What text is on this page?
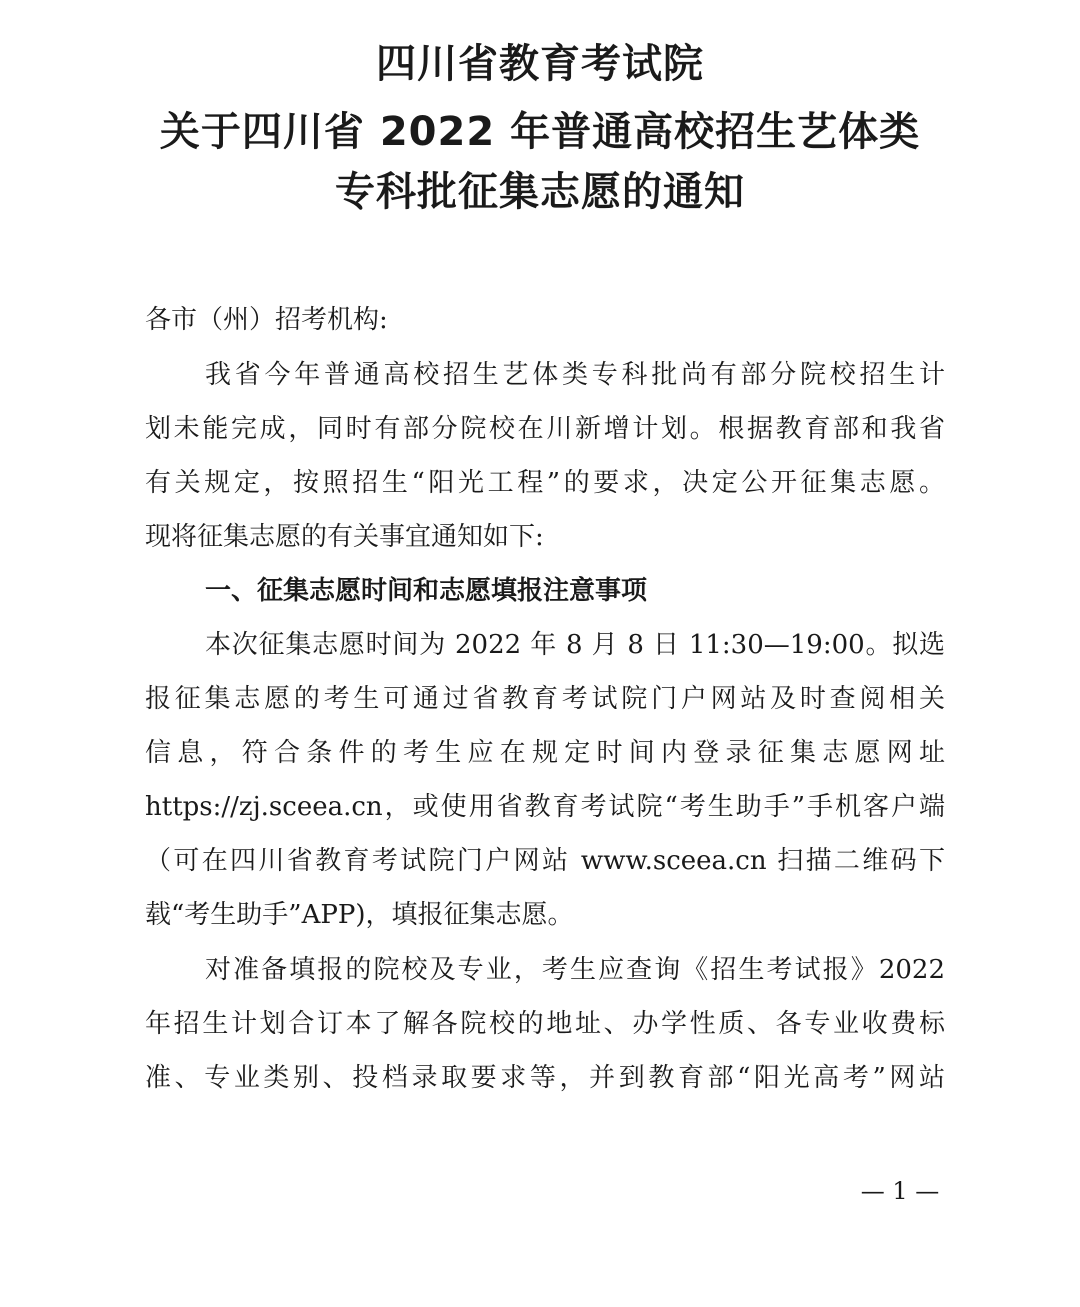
四川省教育考试院
关于四川省 2022 年普通高校招生艺体类
专科批征集志愿的通知
各市（州）招考机构:
我省今年普通高校招生艺体类专科批尚有部分院校招生计
划未能完成，同时有部分院校在川新增计划。根据教育部和我省
有关规定，按照招生“阳光工程”的要求，决定公开征集志愿。
现将征集志愿的有关事宜通知如下:
一、征集志愿时间和志愿填报注意事项
本次征集志愿时间为 2022 年 8 月 8 日 11:30—19:00。拟选
报征集志愿的考生可通过省教育考试院门户网站及时查阅相关
信息，符合条件的考生应在规定时间内登录征集志愿网址
https://zj.sceea.cn，或使用省教育考试院“考生助手”手机客户端
（可在四川省教育考试院门户网站 www.sceea.cn 扫描二维码下
载“考生助手”APP)，填报征集志愿。
对准备填报的院校及专业，考生应查询《招生考试报》2022
年招生计划合订本了解各院校的地址、办学性质、各专业收费标
准、专业类别、投档录取要求等，并到教育部“阳光高考”网站
— 1 —
